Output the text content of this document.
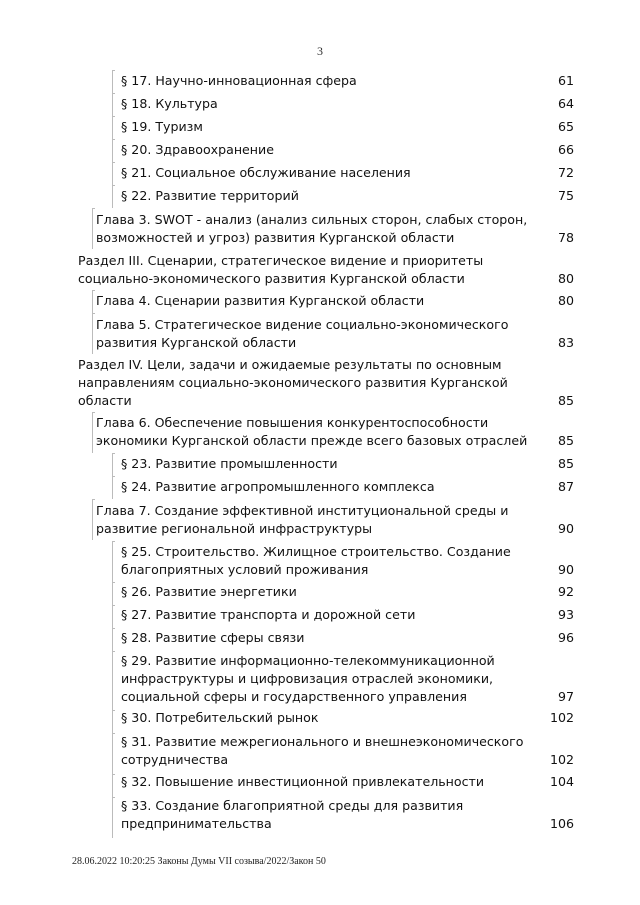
3
§ 17. Научно-инновационная сфера	61
§ 18. Культура	64
§ 19. Туризм	65
§ 20. Здравоохранение	66
§ 21. Социальное обслуживание населения	72
§ 22. Развитие территорий	75
Глава 3. SWOT - анализ (анализ сильных сторон, слабых сторон,
возможностей и угроз) развития Курганской области	78
Раздел III. Сценарии, стратегическое видение и приоритеты
социально-экономического развития Курганской области	80
Глава 4. Сценарии развития Курганской области	80
Глава 5. Стратегическое видение социально-экономического
развития Курганской области	83
Раздел IV. Цели, задачи и ожидаемые результаты по основным
направлениям социально-экономического развития Курганской
области	85
Глава 6. Обеспечение повышения конкурентоспособности
экономики Курганской области прежде всего базовых отраслей	85
§ 23. Развитие промышленности	85
§ 24. Развитие агропромышленного комплекса	87
Глава 7. Создание эффективной институциональной среды и
развитие региональной инфраструктуры	90
§ 25. Строительство. Жилищное строительство. Создание
благоприятных условий проживания	90
§ 26. Развитие энергетики	92
§ 27. Развитие транспорта и дорожной сети	93
§ 28. Развитие сферы связи	96
§ 29. Развитие информационно-телекоммуникационной
инфраструктуры и цифровизация отраслей экономики,
социальной сферы и государственного управления	97
§ 30. Потребительский рынок	102
§ 31. Развитие межрегионального и внешнеэкономического
сотрудничества	102
§ 32. Повышение инвестиционной привлекательности	104
§ 33. Создание благоприятной среды для развития
предпринимательства	106
28.06.2022 10:20:25 Законы Думы VII созыва/2022/Закон 50
